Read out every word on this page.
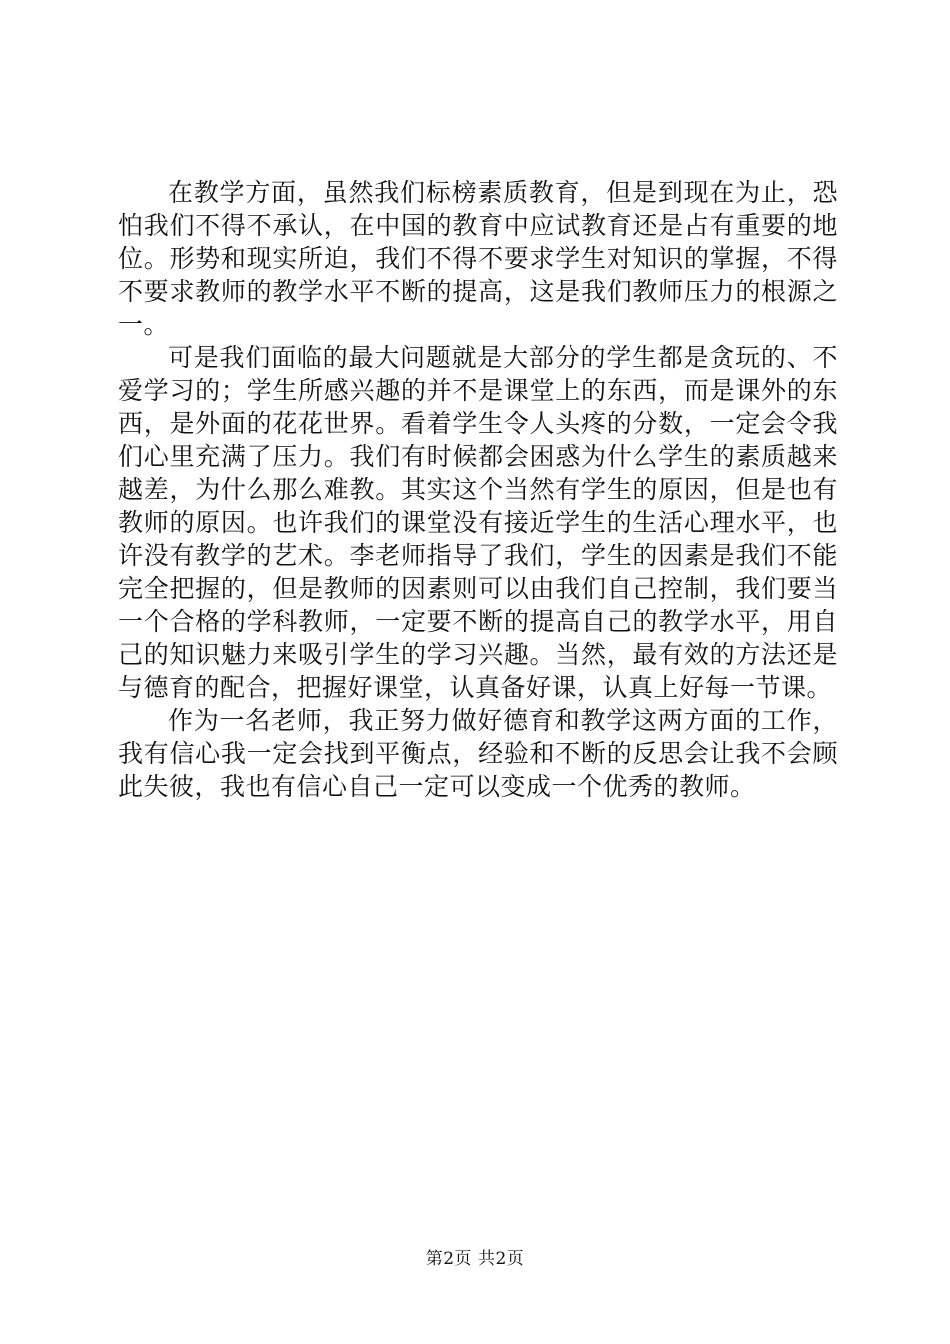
在教学方面，虽然我们标榜素质教育，但是到现在为止，恐怕我们不得不承认，在中国的教育中应试教育还是占有重要的地位。形势和现实所迫，我们不得不要求学生对知识的掌握，不得不要求教师的教学水平不断的提高，这是我们教师压力的根源之一。

可是我们面临的最大问题就是大部分的学生都是贪玩的、不爱学习的；学生所感兴趣的并不是课堂上的东西，而是课外的东西，是外面的花花世界。看着学生令人头疼的分数，一定会令我们心里充满了压力。我们有时候都会困惑为什么学生的素质越来越差，为什么那么难教。其实这个当然有学生的原因，但是也有教师的原因。也许我们的课堂没有接近学生的生活心理水平，也许没有教学的艺术。李老师指导了我们，学生的因素是我们不能完全把握的，但是教师的因素则可以由我们自己控制，我们要当一个合格的学科教师，一定要不断的提高自己的教学水平，用自己的知识魅力来吸引学生的学习兴趣。当然，最有效的方法还是与德育的配合，把握好课堂，认真备好课，认真上好每一节课。

作为一名老师，我正努力做好德育和教学这两方面的工作，我有信心我一定会找到平衡点，经验和不断的反思会让我不会顾此失彼，我也有信心自己一定可以变成一个优秀的教师。

第2页 共2页
